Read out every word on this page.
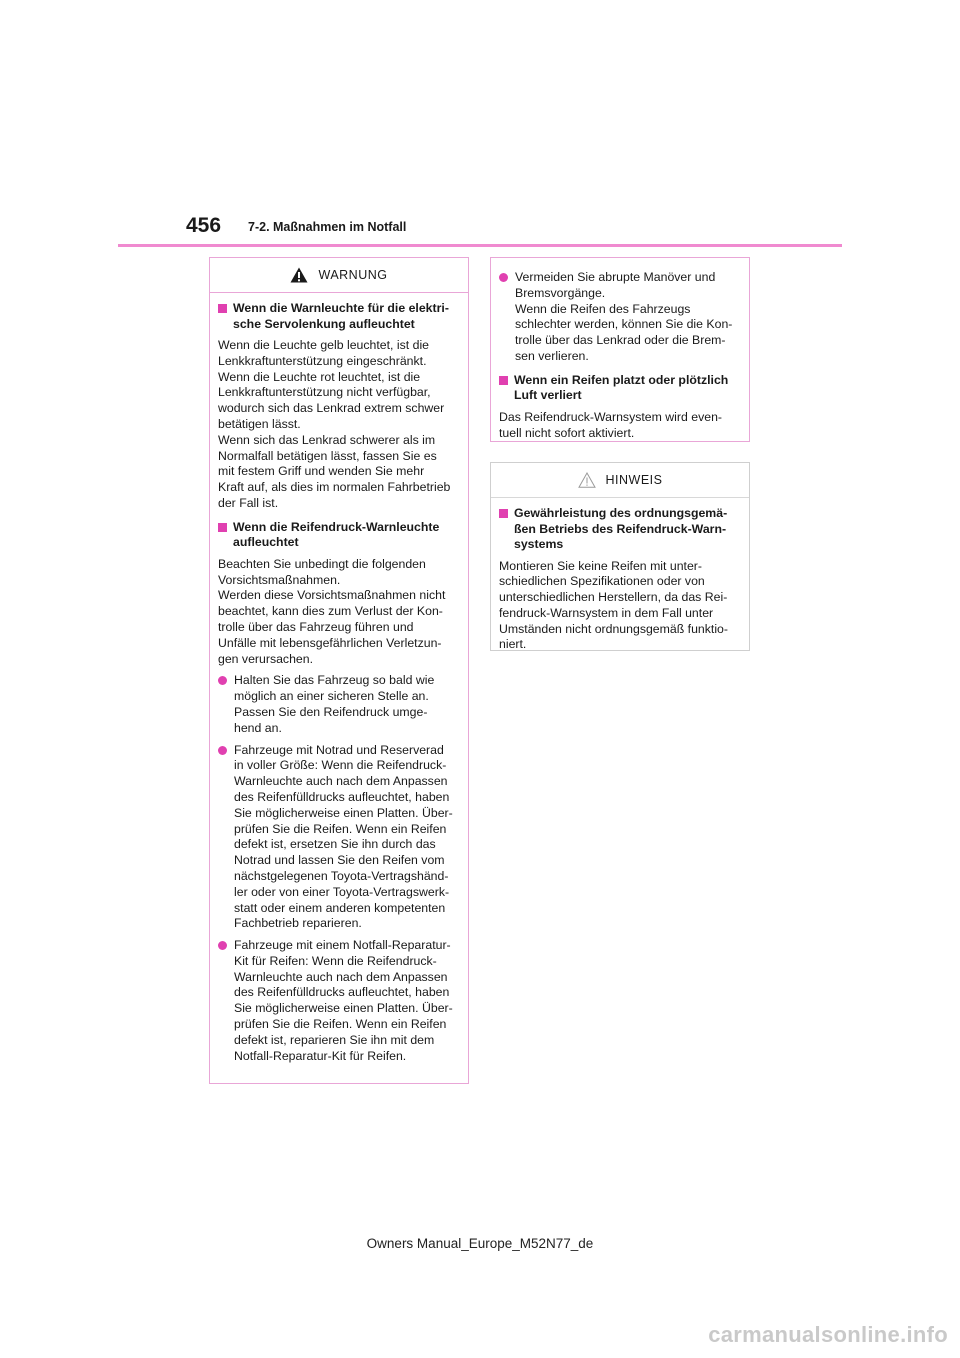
456 7-2. Maßnahmen im Notfall
WARNUNG
Wenn die Warnleuchte für die elektri-
sche Servolenkung aufleuchtet
Wenn die Leuchte gelb leuchtet, ist die
Lenkkraftunterstützung eingeschränkt.
Wenn die Leuchte rot leuchtet, ist die
Lenkkraftunterstützung nicht verfügbar,
wodurch sich das Lenkrad extrem schwer
betätigen lässt.
Wenn sich das Lenkrad schwerer als im
Normalfall betätigen lässt, fassen Sie es
mit festem Griff und wenden Sie mehr
Kraft auf, als dies im normalen Fahrbetrieb
der Fall ist.
Wenn die Reifendruck-Warnleuchte
aufleuchtet
Beachten Sie unbedingt die folgenden
Vorsichtsmaßnahmen.
Werden diese Vorsichtsmaßnahmen nicht
beachtet, kann dies zum Verlust der Kon-
trolle über das Fahrzeug führen und
Unfälle mit lebensgefährlichen Verletzun-
gen verursachen.
Halten Sie das Fahrzeug so bald wie
möglich an einer sicheren Stelle an.
Passen Sie den Reifendruck umge-
hend an.
Fahrzeuge mit Notrad und Reserverad
in voller Größe: Wenn die Reifendruck-
Warnleuchte auch nach dem Anpassen
des Reifenfülldrucks aufleuchtet, haben
Sie möglicherweise einen Platten. Über-
prüfen Sie die Reifen. Wenn ein Reifen
defekt ist, ersetzen Sie ihn durch das
Notrad und lassen Sie den Reifen vom
nächstgelegenen Toyota-Vertragshänd-
ler oder von einer Toyota-Vertragswerk-
statt oder einem anderen kompetenten
Fachbetrieb reparieren.
Fahrzeuge mit einem Notfall-Reparatur-
Kit für Reifen: Wenn die Reifendruck-
Warnleuchte auch nach dem Anpassen
des Reifenfülldrucks aufleuchtet, haben
Sie möglicherweise einen Platten. Über-
prüfen Sie die Reifen. Wenn ein Reifen
defekt ist, reparieren Sie ihn mit dem
Notfall-Reparatur-Kit für Reifen.
Vermeiden Sie abrupte Manöver und
Bremsvorgänge.
Wenn die Reifen des Fahrzeugs
schlechter werden, können Sie die Kon-
trolle über das Lenkrad oder die Brem-
sen verlieren.
Wenn ein Reifen platzt oder plötzlich
Luft verliert
Das Reifendruck-Warnsystem wird even-
tuell nicht sofort aktiviert.
HINWEIS
Gewährleistung des ordnungsgemä-
ßen Betriebs des Reifendruck-Warn-
systems
Montieren Sie keine Reifen mit unter-
schiedlichen Spezifikationen oder von
unterschiedlichen Herstellern, da das Rei-
fendruck-Warnsystem in dem Fall unter
Umständen nicht ordnungsgemäß funktio-
niert.
Owners Manual_Europe_M52N77_de
carmanualsonline.info
